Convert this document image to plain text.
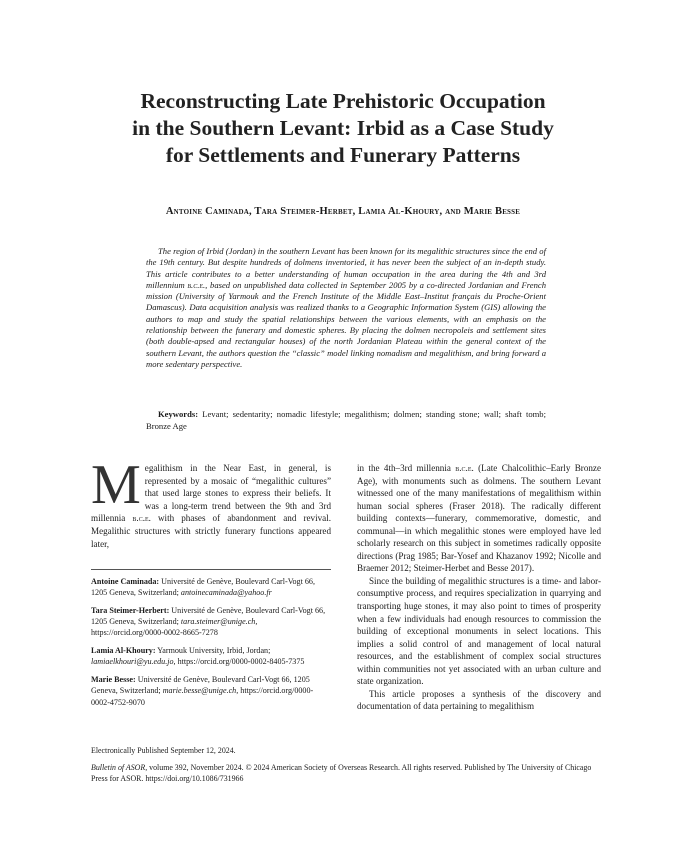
Reconstructing Late Prehistoric Occupation
in the Southern Levant: Irbid as a Case Study
for Settlements and Funerary Patterns
Antoine Caminada, Tara Steimer-Herbet, Lamia Al-Khoury, and Marie Besse

The region of Irbid (Jordan) in the southern Levant has been known for its megalithic structures since the end of the 19th century. But despite hundreds of dolmens inventoried, it has never been the subject of an in-depth study. This article contributes to a better understanding of human occupation in the area during the 4th and 3rd millennium b.c.e., based on unpublished data collected in September 2005 by a co-directed Jordanian and French mission (University of Yarmouk and the French Institute of the Middle East–Institut français du Proche-Orient Damascus). Data acquisition analysis was realized thanks to a Geographic Information System (GIS) allowing the authors to map and study the spatial relationships between the various elements, with an emphasis on the relationship between the funerary and domestic spheres. By placing the dolmen necropoleis and settlement sites (both double-apsed and rectangular houses) of the north Jordanian Plateau within the general context of the southern Levant, the authors question the “classic” model linking nomadism and megalithism, and bring forward a more sedentary perspective.

Keywords: Levant; sedentarity; nomadic lifestyle; megalithism; dolmen; standing stone; wall; shaft tomb; Bronze Age

Megalithism in the Near East, in general, is represented by a mosaic of “megalithic cultures” that used large stones to express their beliefs. It was a long-term trend between the 9th and 3rd millennia b.c.e. with phases of abandonment and revival. Megalithic structures with strictly funerary functions appeared later,

Antoine Caminada: Université de Genève, Boulevard Carl-Vogt 66, 1205 Geneva, Switzerland; antoinecaminada@yahoo.fr

Tara Steimer-Herbert: Université de Genève, Boulevard Carl-Vogt 66, 1205 Geneva, Switzerland; tara.steimer@unige.ch, https://orcid.org/0000-0002-8665-7278

Lamia Al-Khoury: Yarmouk University, Irbid, Jordan; lamiaelkhouri@yu.edu.jo, https://orcid.org/0000-0002-8405-7375

Marie Besse: Université de Genève, Boulevard Carl-Vogt 66, 1205 Geneva, Switzerland; marie.besse@unige.ch, https://orcid.org/0000-0002-4752-9070

in the 4th–3rd millennia b.c.e. (Late Chalcolithic–Early Bronze Age), with monuments such as dolmens. The southern Levant witnessed one of the many manifestations of megalithism within human social spheres (Fraser 2018). The radically different building contexts—funerary, commemorative, domestic, and communal—in which megalithic stones were employed have led scholarly research on this subject in sometimes radically opposite directions (Prag 1985; Bar-Yosef and Khazanov 1992; Nicolle and Braemer 2012; Steimer-Herbet and Besse 2017).

Since the building of megalithic structures is a time- and labor-consumptive process, and requires specialization in quarrying and transporting huge stones, it may also point to times of prosperity when a few individuals had enough resources to commission the building of exceptional monuments in select locations. This implies a solid control of and management of local natural resources, and the establishment of complex social structures within communities not yet associated with an urban culture and state organization.

This article proposes a synthesis of the discovery and documentation of data pertaining to megalithism

Electronically Published September 12, 2024.

Bulletin of ASOR, volume 392, November 2024. © 2024 American Society of Overseas Research. All rights reserved. Published by The University of Chicago Press for ASOR. https://doi.org/10.1086/731966
